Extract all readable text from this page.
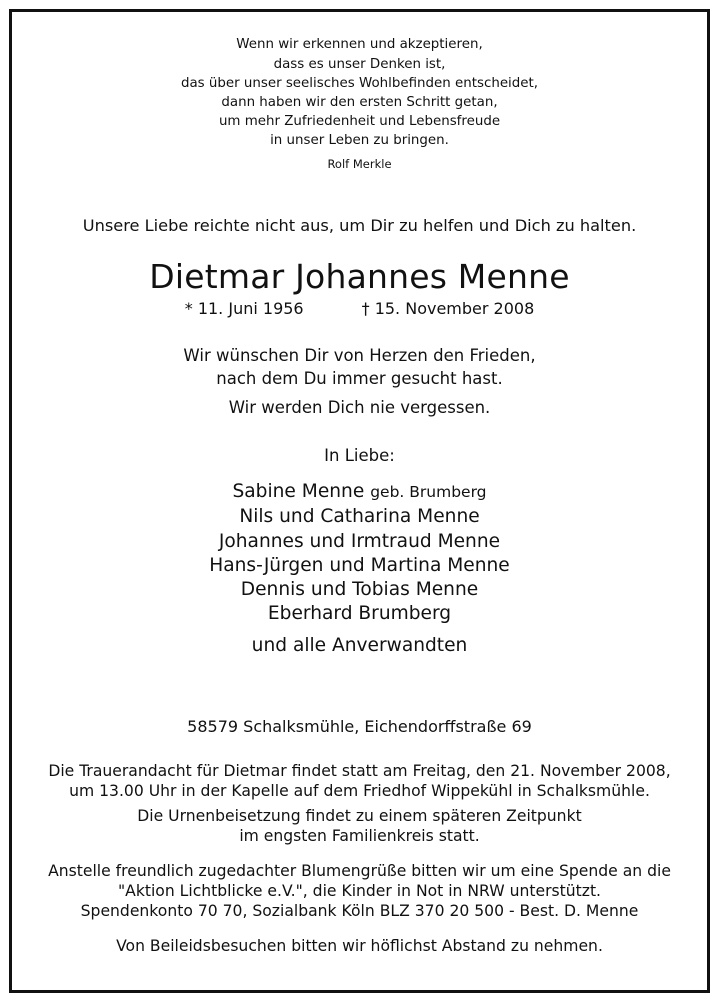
Wenn wir erkennen und akzeptieren,
dass es unser Denken ist,
das über unser seelisches Wohlbefinden entscheidet,
dann haben wir den ersten Schritt getan,
um mehr Zufriedenheit und Lebensfreude
in unser Leben zu bringen.
Rolf Merkle
Unsere Liebe reichte nicht aus, um Dir zu helfen und Dich zu halten.
Dietmar Johannes Menne
* 11. Juni 1956	† 15. November 2008
Wir wünschen Dir von Herzen den Frieden,
nach dem Du immer gesucht hast.
Wir werden Dich nie vergessen.
In Liebe:
Sabine Menne geb. Brumberg
Nils und Catharina Menne
Johannes und Irmtraud Menne
Hans-Jürgen und Martina Menne
Dennis und Tobias Menne
Eberhard Brumberg
und alle Anverwandten
58579 Schalksmühle, Eichendorffstraße 69
Die Trauerandacht für Dietmar findet statt am Freitag, den 21. November 2008,
um 13.00 Uhr in der Kapelle auf dem Friedhof Wippekühl in Schalksmühle.
Die Urnenbeisetzung findet zu einem späteren Zeitpunkt
im engsten Familienkreis statt.
Anstelle freundlich zugedachter Blumengrüße bitten wir um eine Spende an die
"Aktion Lichtblicke e.V.", die Kinder in Not in NRW unterstützt.
Spendenkonto 70 70, Sozialbank Köln BLZ 370 20 500 - Best. D. Menne
Von Beileidsbesuchen bitten wir höflichst Abstand zu nehmen.
